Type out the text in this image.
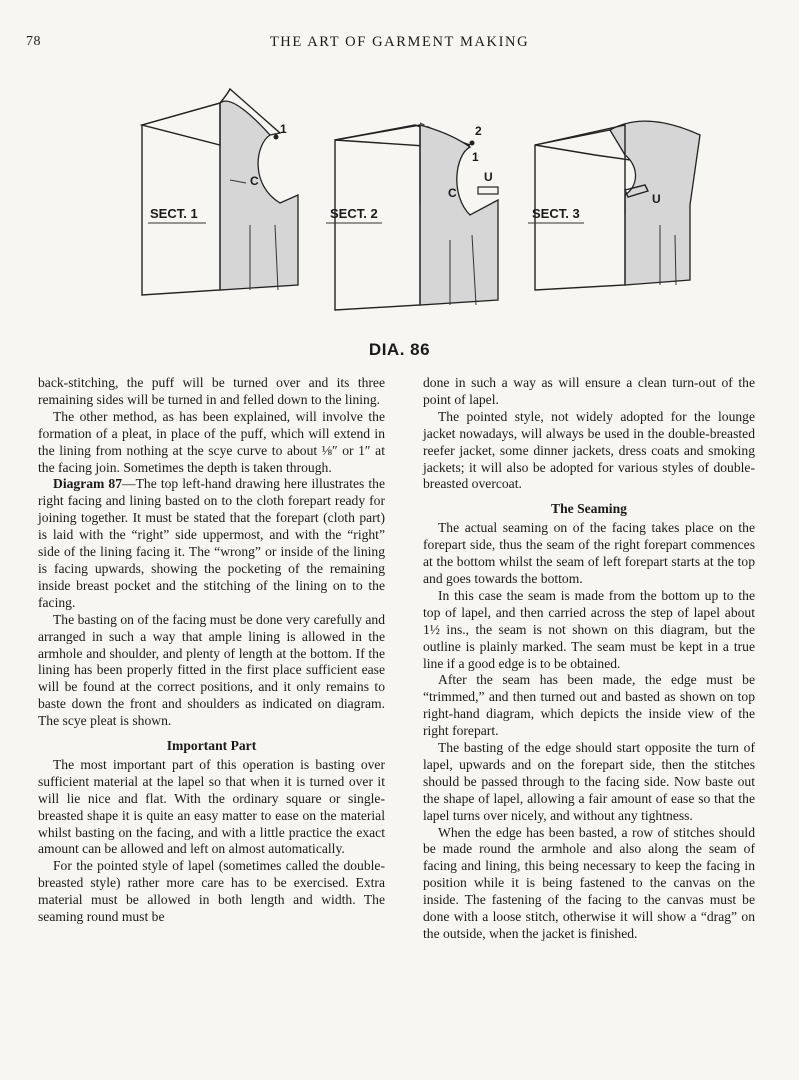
78	THE ART OF GARMENT MAKING
1
C
SECT. 1
2
1
C
U
SECT. 2
U
SECT. 3
DIA. 86

back-stitching, the puff will be turned over and its three remaining sides will be turned in and felled down to the lining.

The other method, as has been explained, will involve the formation of a pleat, in place of the puff, which will extend in the lining from nothing at the scye curve to about ⅛″ or 1″ at the facing join. Sometimes the depth is taken through.

Diagram 87—The top left-hand drawing here illustrates the right facing and lining basted on to the cloth forepart ready for joining together. It must be stated that the forepart (cloth part) is laid with the “right” side uppermost, and with the “right” side of the lining facing it. The “wrong” or inside of the lining is facing upwards, showing the pocketing of the remaining inside breast pocket and the stitching of the lining on to the facing.

The basting on of the facing must be done very carefully and arranged in such a way that ample lining is allowed in the armhole and shoulder, and plenty of length at the bottom. If the lining has been properly fitted in the first place sufficient ease will be found at the correct positions, and it only remains to baste down the front and shoulders as indicated on diagram. The scye pleat is shown.

Important Part

The most important part of this operation is basting over sufficient material at the lapel so that when it is turned over it will lie nice and flat. With the ordinary square or single-breasted shape it is quite an easy matter to ease on the material whilst basting on the facing, and with a little practice the exact amount can be allowed and left on almost automatically.

For the pointed style of lapel (sometimes called the double-breasted style) rather more care has to be exercised. Extra material must be allowed in both length and width. The seaming round must be

done in such a way as will ensure a clean turn-out of the point of lapel.

The pointed style, not widely adopted for the lounge jacket nowadays, will always be used in the double-breasted reefer jacket, some dinner jackets, dress coats and smoking jackets; it will also be adopted for various styles of double-breasted overcoat.

The Seaming

The actual seaming on of the facing takes place on the forepart side, thus the seam of the right forepart commences at the bottom whilst the seam of left forepart starts at the top and goes towards the bottom.

In this case the seam is made from the bottom up to the top of lapel, and then carried across the step of lapel about 1½ ins., the seam is not shown on this diagram, but the outline is plainly marked. The seam must be kept in a true line if a good edge is to be obtained.

After the seam has been made, the edge must be “trimmed,” and then turned out and basted as shown on top right-hand diagram, which depicts the inside view of the right forepart.

The basting of the edge should start opposite the turn of lapel, upwards and on the forepart side, then the stitches should be passed through to the facing side. Now baste out the shape of lapel, allowing a fair amount of ease so that the lapel turns over nicely, and without any tightness.

When the edge has been basted, a row of stitches should be made round the armhole and also along the seam of facing and lining, this being necessary to keep the facing in position while it is being fastened to the canvas on the inside. The fastening of the facing to the canvas must be done with a loose stitch, otherwise it will show a “drag” on the outside, when the jacket is finished.
